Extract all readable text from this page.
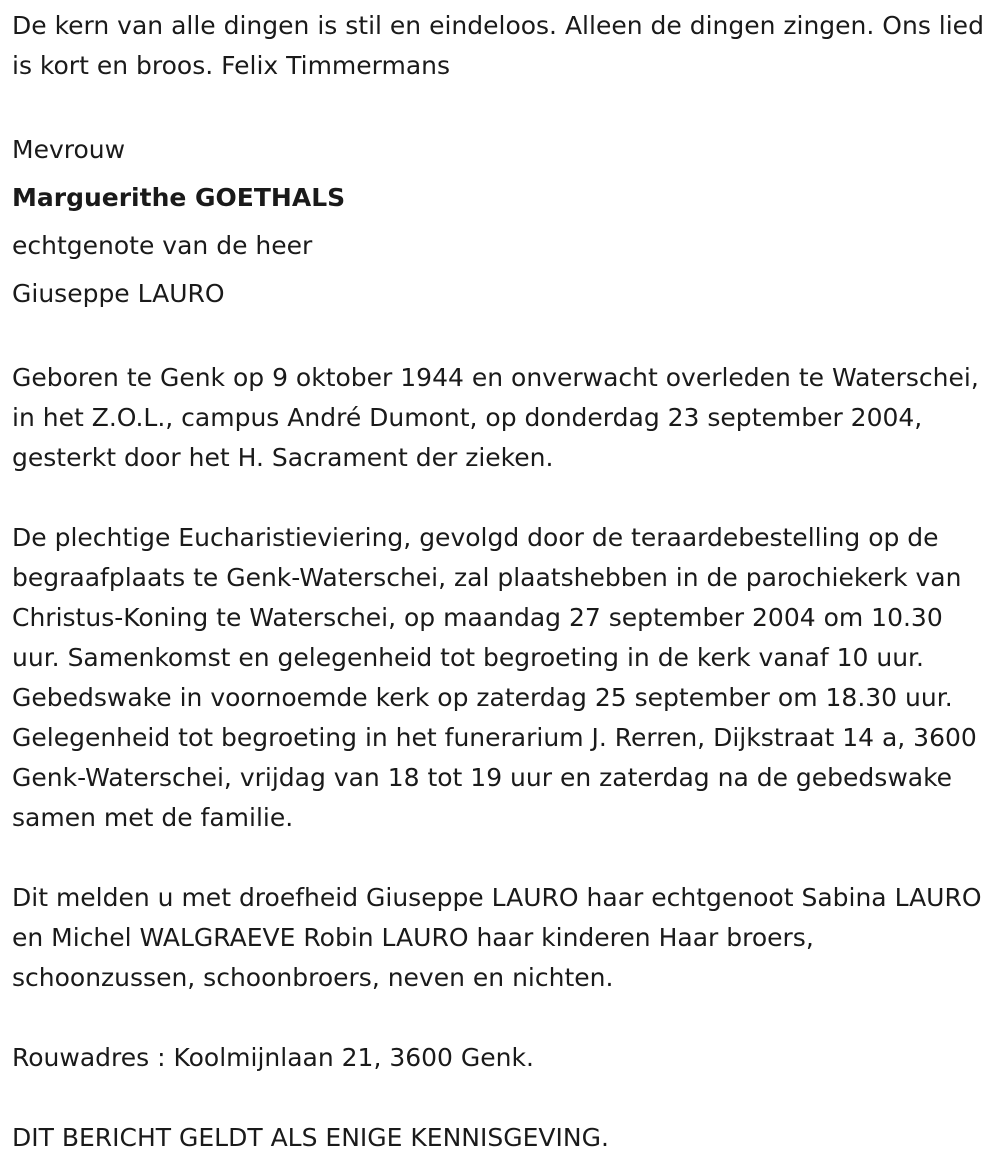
De kern van alle dingen is stil en eindeloos. Alleen de dingen zingen. Ons lied is kort en broos. Felix Timmermans

Mevrouw

Marguerithe GOETHALS

echtgenote van de heer

Giuseppe LAURO

Geboren te Genk op 9 oktober 1944 en onverwacht overleden te Waterschei, in het Z.O.L., campus André Dumont, op donderdag 23 september 2004, gesterkt door het H. Sacrament der zieken.

De plechtige Eucharistieviering, gevolgd door de teraardebestelling op de begraafplaats te Genk-Waterschei, zal plaatshebben in de parochiekerk van Christus-Koning te Waterschei, op maandag 27 september 2004 om 10.30 uur. Samenkomst en gelegenheid tot begroeting in de kerk vanaf 10 uur. Gebedswake in voornoemde kerk op zaterdag 25 september om 18.30 uur. Gelegenheid tot begroeting in het funerarium J. Rerren, Dijkstraat 14 a, 3600 Genk-Waterschei, vrijdag van 18 tot 19 uur en zaterdag na de gebedswake samen met de familie.

Dit melden u met droefheid Giuseppe LAURO haar echtgenoot Sabina LAURO en Michel WALGRAEVE Robin LAURO haar kinderen Haar broers, schoonzussen, schoonbroers, neven en nichten.

Rouwadres : Koolmijnlaan 21, 3600 Genk.

DIT BERICHT GELDT ALS ENIGE KENNISGEVING.
